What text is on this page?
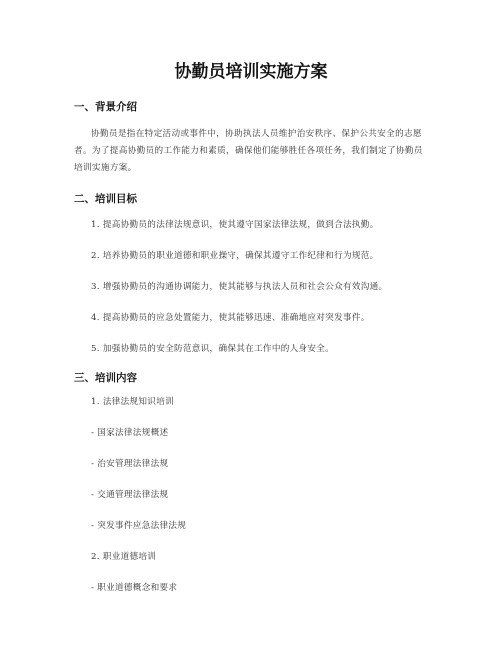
协勤员培训实施方案
一、背景介绍

协勤员是指在特定活动或事件中，协助执法人员维护治安秩序、保护公共安全的志愿者。为了提高协勤员的工作能力和素质，确保他们能够胜任各项任务，我们制定了协勤员培训实施方案。

二、培训目标
1. 提高协勤员的法律法规意识，使其遵守国家法律法规，做到合法执勤。
2. 培养协勤员的职业道德和职业操守，确保其遵守工作纪律和行为规范。
3. 增强协勤员的沟通协调能力，使其能够与执法人员和社会公众有效沟通。
4. 提高协勤员的应急处置能力，使其能够迅速、准确地应对突发事件。
5. 加强协勤员的安全防范意识，确保其在工作中的人身安全。
三、培训内容
1. 法律法规知识培训
- 国家法律法规概述
- 治安管理法律法规
- 交通管理法律法规
- 突发事件应急法律法规
2. 职业道德培训
- 职业道德概念和要求
